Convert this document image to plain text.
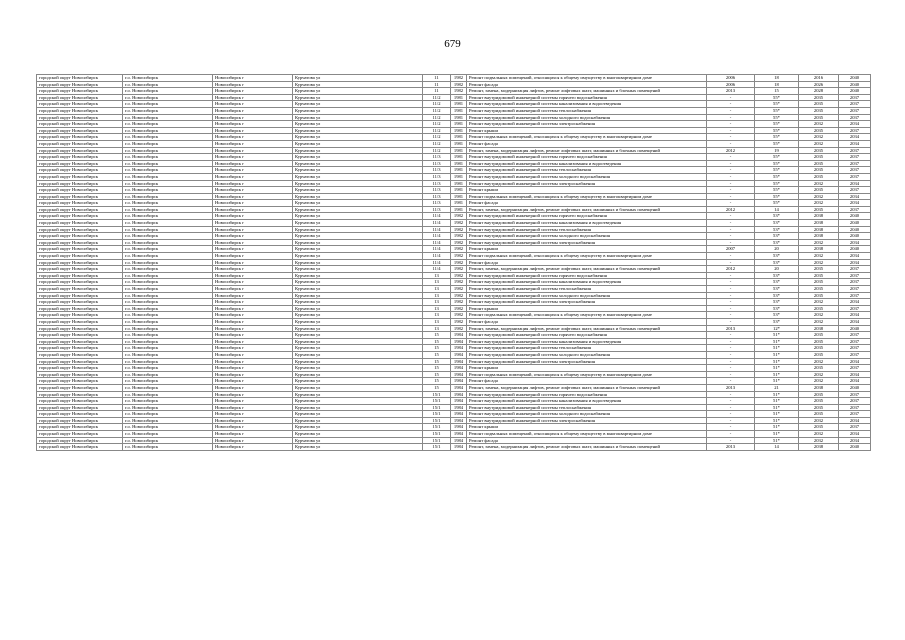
679
городской округ Новосибирск	г.о. Новосибирск	Новосибирск г	Курчатова ул	11	1982	Ремонт подвальных помещений, относящихся к общему имуществу в многоквартирном доме	2006	18	2016	2040
городской округ Новосибирск	г.о. Новосибирск	Новосибирск г	Курчатова ул	11	1982	Ремонт фасада	2006	18	2026	2040
городской округ Новосибирск	г.о. Новосибирск	Новосибирск г	Курчатова ул	11	1982	Ремонт, замена, модернизация лифтов, ремонт лифтовых шахт, машинных и блочных помещений	2013	15	2028	2040
городской округ Новосибирск	г.о. Новосибирск	Новосибирск г	Курчатова ул	11/2	1981	Ремонт внутридомовой инженерной системы горячего водоснабжения	-	55*	2035	2037
городской округ Новосибирск	г.о. Новосибирск	Новосибирск г	Курчатова ул	11/2	1981	Ремонт внутридомовой инженерной системы канализования и водоотведения	-	55*	2035	2037
городской округ Новосибирск	г.о. Новосибирск	Новосибирск г	Курчатова ул	11/2	1981	Ремонт внутридомовой инженерной системы теплоснабжения	-	55*	2035	2037
городской округ Новосибирск	г.о. Новосибирск	Новосибирск г	Курчатова ул	11/2	1981	Ремонт внутридомовой инженерной системы холодного водоснабжения	-	55*	2035	2037
городской округ Новосибирск	г.о. Новосибирск	Новосибирск г	Курчатова ул	11/2	1981	Ремонт внутридомовой инженерной системы электроснабжения	-	55*	2032	2034
городской округ Новосибирск	г.о. Новосибирск	Новосибирск г	Курчатова ул	11/2	1981	Ремонт крыши	-	55*	2035	2037
городской округ Новосибирск	г.о. Новосибирск	Новосибирск г	Курчатова ул	11/2	1981	Ремонт подвальных помещений, относящихся к общему имуществу в многоквартирном доме	-	55*	2032	2034
городской округ Новосибирск	г.о. Новосибирск	Новосибирск г	Курчатова ул	11/2	1981	Ремонт фасада	-	55*	2032	2034
городской округ Новосибирск	г.о. Новосибирск	Новосибирск г	Курчатова ул	11/2	1981	Ремонт, замена, модернизация лифтов, ремонт лифтовых шахт, машинных и блочных помещений	2012	19	2035	2037
городской округ Новосибирск	г.о. Новосибирск	Новосибирск г	Курчатова ул	11/3	1981	Ремонт внутридомовой инженерной системы горячего водоснабжения	-	55*	2035	2037
городской округ Новосибирск	г.о. Новосибирск	Новосибирск г	Курчатова ул	11/3	1981	Ремонт внутридомовой инженерной системы канализования и водоотведения	-	55*	2035	2037
городской округ Новосибирск	г.о. Новосибирск	Новосибирск г	Курчатова ул	11/3	1981	Ремонт внутридомовой инженерной системы теплоснабжения	-	55*	2035	2037
городской округ Новосибирск	г.о. Новосибирск	Новосибирск г	Курчатова ул	11/3	1981	Ремонт внутридомовой инженерной системы холодного водоснабжения	-	55*	2035	2037
городской округ Новосибирск	г.о. Новосибирск	Новосибирск г	Курчатова ул	11/3	1981	Ремонт внутридомовой инженерной системы электроснабжения	-	55*	2032	2034
городской округ Новосибирск	г.о. Новосибирск	Новосибирск г	Курчатова ул	11/3	1981	Ремонт крыши	-	55*	2035	2037
городской округ Новосибирск	г.о. Новосибирск	Новосибирск г	Курчатова ул	11/3	1981	Ремонт подвальных помещений, относящихся к общему имуществу в многоквартирном доме	-	55*	2032	2034
городской округ Новосибирск	г.о. Новосибирск	Новосибирск г	Курчатова ул	11/3	1981	Ремонт фасада	-	55*	2032	2034
городской округ Новосибирск	г.о. Новосибирск	Новосибирск г	Курчатова ул	11/3	1981	Ремонт, замена, модернизация лифтов, ремонт лифтовых шахт, машинных и блочных помещений	2012	14	2035	2037
городской округ Новосибирск	г.о. Новосибирск	Новосибирск г	Курчатова ул	11/4	1982	Ремонт внутридомовой инженерной системы горячего водоснабжения	-	53*	2038	2040
городской округ Новосибирск	г.о. Новосибирск	Новосибирск г	Курчатова ул	11/4	1982	Ремонт внутридомовой инженерной системы канализования и водоотведения	-	53*	2038	2040
городской округ Новосибирск	г.о. Новосибирск	Новосибирск г	Курчатова ул	11/4	1982	Ремонт внутридомовой инженерной системы теплоснабжения	-	53*	2038	2040
городской округ Новосибирск	г.о. Новосибирск	Новосибирск г	Курчатова ул	11/4	1982	Ремонт внутридомовой инженерной системы холодного водоснабжения	-	53*	2038	2040
городской округ Новосибирск	г.о. Новосибирск	Новосибирск г	Курчатова ул	11/4	1982	Ремонт внутридомовой инженерной системы электроснабжения	-	53*	2032	2034
городской округ Новосибирск	г.о. Новосибирск	Новосибирск г	Курчатова ул	11/4	1982	Ремонт крыши	2007	20	2038	2040
городской округ Новосибирск	г.о. Новосибирск	Новосибирск г	Курчатова ул	11/4	1982	Ремонт подвальных помещений, относящихся к общему имуществу в многоквартирном доме	-	53*	2032	2034
городской округ Новосибирск	г.о. Новосибирск	Новосибирск г	Курчатова ул	11/4	1982	Ремонт фасада	-	53*	2032	2034
городской округ Новосибирск	г.о. Новосибирск	Новосибирск г	Курчатова ул	11/4	1982	Ремонт, замена, модернизация лифтов, ремонт лифтовых шахт, машинных и блочных помещений	2012	20	2035	2037
городской округ Новосибирск	г.о. Новосибирск	Новосибирск г	Курчатова ул	13	1982	Ремонт внутридомовой инженерной системы горячего водоснабжения	-	53*	2035	2037
городской округ Новосибирск	г.о. Новосибирск	Новосибирск г	Курчатова ул	13	1982	Ремонт внутридомовой инженерной системы канализования и водоотведения	-	53*	2035	2037
городской округ Новосибирск	г.о. Новосибирск	Новосибирск г	Курчатова ул	13	1982	Ремонт внутридомовой инженерной системы теплоснабжения	-	53*	2035	2037
городской округ Новосибирск	г.о. Новосибирск	Новосибирск г	Курчатова ул	13	1982	Ремонт внутридомовой инженерной системы холодного водоснабжения	-	53*	2035	2037
городской округ Новосибирск	г.о. Новосибирск	Новосибирск г	Курчатова ул	13	1982	Ремонт внутридомовой инженерной системы электроснабжения	-	53*	2032	2034
городской округ Новосибирск	г.о. Новосибирск	Новосибирск г	Курчатова ул	13	1982	Ремонт крыши	-	53*	2035	2037
городской округ Новосибирск	г.о. Новосибирск	Новосибирск г	Курчатова ул	13	1982	Ремонт подвальных помещений, относящихся к общему имуществу в многоквартирном доме	-	53*	2032	2034
городской округ Новосибирск	г.о. Новосибирск	Новосибирск г	Курчатова ул	13	1982	Ремонт фасада	-	53*	2032	2034
городской округ Новосибирск	г.о. Новосибирск	Новосибирск г	Курчатова ул	13	1982	Ремонт, замена, модернизация лифтов, ремонт лифтовых шахт, машинных и блочных помещений	2013	12*	2038	2040
городской округ Новосибирск	г.о. Новосибирск	Новосибирск г	Курчатова ул	15	1984	Ремонт внутридомовой инженерной системы горячего водоснабжения	-	51*	2035	2037
городской округ Новосибирск	г.о. Новосибирск	Новосибирск г	Курчатова ул	15	1984	Ремонт внутридомовой инженерной системы канализования и водоотведения	-	51*	2035	2037
городской округ Новосибирск	г.о. Новосибирск	Новосибирск г	Курчатова ул	15	1984	Ремонт внутридомовой инженерной системы теплоснабжения	-	51*	2035	2037
городской округ Новосибирск	г.о. Новосибирск	Новосибирск г	Курчатова ул	15	1984	Ремонт внутридомовой инженерной системы холодного водоснабжения	-	51*	2035	2037
городской округ Новосибирск	г.о. Новосибирск	Новосибирск г	Курчатова ул	15	1984	Ремонт внутридомовой инженерной системы электроснабжения	-	51*	2032	2034
городской округ Новосибирск	г.о. Новосибирск	Новосибирск г	Курчатова ул	15	1984	Ремонт крыши	-	51*	2035	2037
городской округ Новосибирск	г.о. Новосибирск	Новосибирск г	Курчатова ул	15	1984	Ремонт подвальных помещений, относящихся к общему имуществу в многоквартирном доме	-	51*	2032	2034
городской округ Новосибирск	г.о. Новосибирск	Новосибирск г	Курчатова ул	15	1984	Ремонт фасада	-	51*	2032	2034
городской округ Новосибирск	г.о. Новосибирск	Новосибирск г	Курчатова ул	15	1984	Ремонт, замена, модернизация лифтов, ремонт лифтовых шахт, машинных и блочных помещений	2013	21	2038	2040
городской округ Новосибирск	г.о. Новосибирск	Новосибирск г	Курчатова ул	15/1	1984	Ремонт внутридомовой инженерной системы горячего водоснабжения	-	51*	2035	2037
городской округ Новосибирск	г.о. Новосибирск	Новосибирск г	Курчатова ул	15/1	1984	Ремонт внутридомовой инженерной системы канализования и водоотведения	-	51*	2035	2037
городской округ Новосибирск	г.о. Новосибирск	Новосибирск г	Курчатова ул	15/1	1984	Ремонт внутридомовой инженерной системы теплоснабжения	-	51*	2035	2037
городской округ Новосибирск	г.о. Новосибирск	Новосибирск г	Курчатова ул	15/1	1984	Ремонт внутридомовой инженерной системы холодного водоснабжения	-	51*	2035	2037
городской округ Новосибирск	г.о. Новосибирск	Новосибирск г	Курчатова ул	15/1	1984	Ремонт внутридомовой инженерной системы электроснабжения	-	51*	2032	2034
городской округ Новосибирск	г.о. Новосибирск	Новосибирск г	Курчатова ул	15/1	1984	Ремонт крыши	-	51*	2035	2037
городской округ Новосибирск	г.о. Новосибирск	Новосибирск г	Курчатова ул	15/1	1984	Ремонт подвальных помещений, относящихся к общему имуществу в многоквартирном доме	-	51*	2032	2034
городской округ Новосибирск	г.о. Новосибирск	Новосибирск г	Курчатова ул	15/1	1984	Ремонт фасада	-	51*	2032	2034
городской округ Новосибирск	г.о. Новосибирск	Новосибирск г	Курчатова ул	15/1	1984	Ремонт, замена, модернизация лифтов, ремонт лифтовых шахт, машинных и блочных помещений	2013	14	2038	2040
